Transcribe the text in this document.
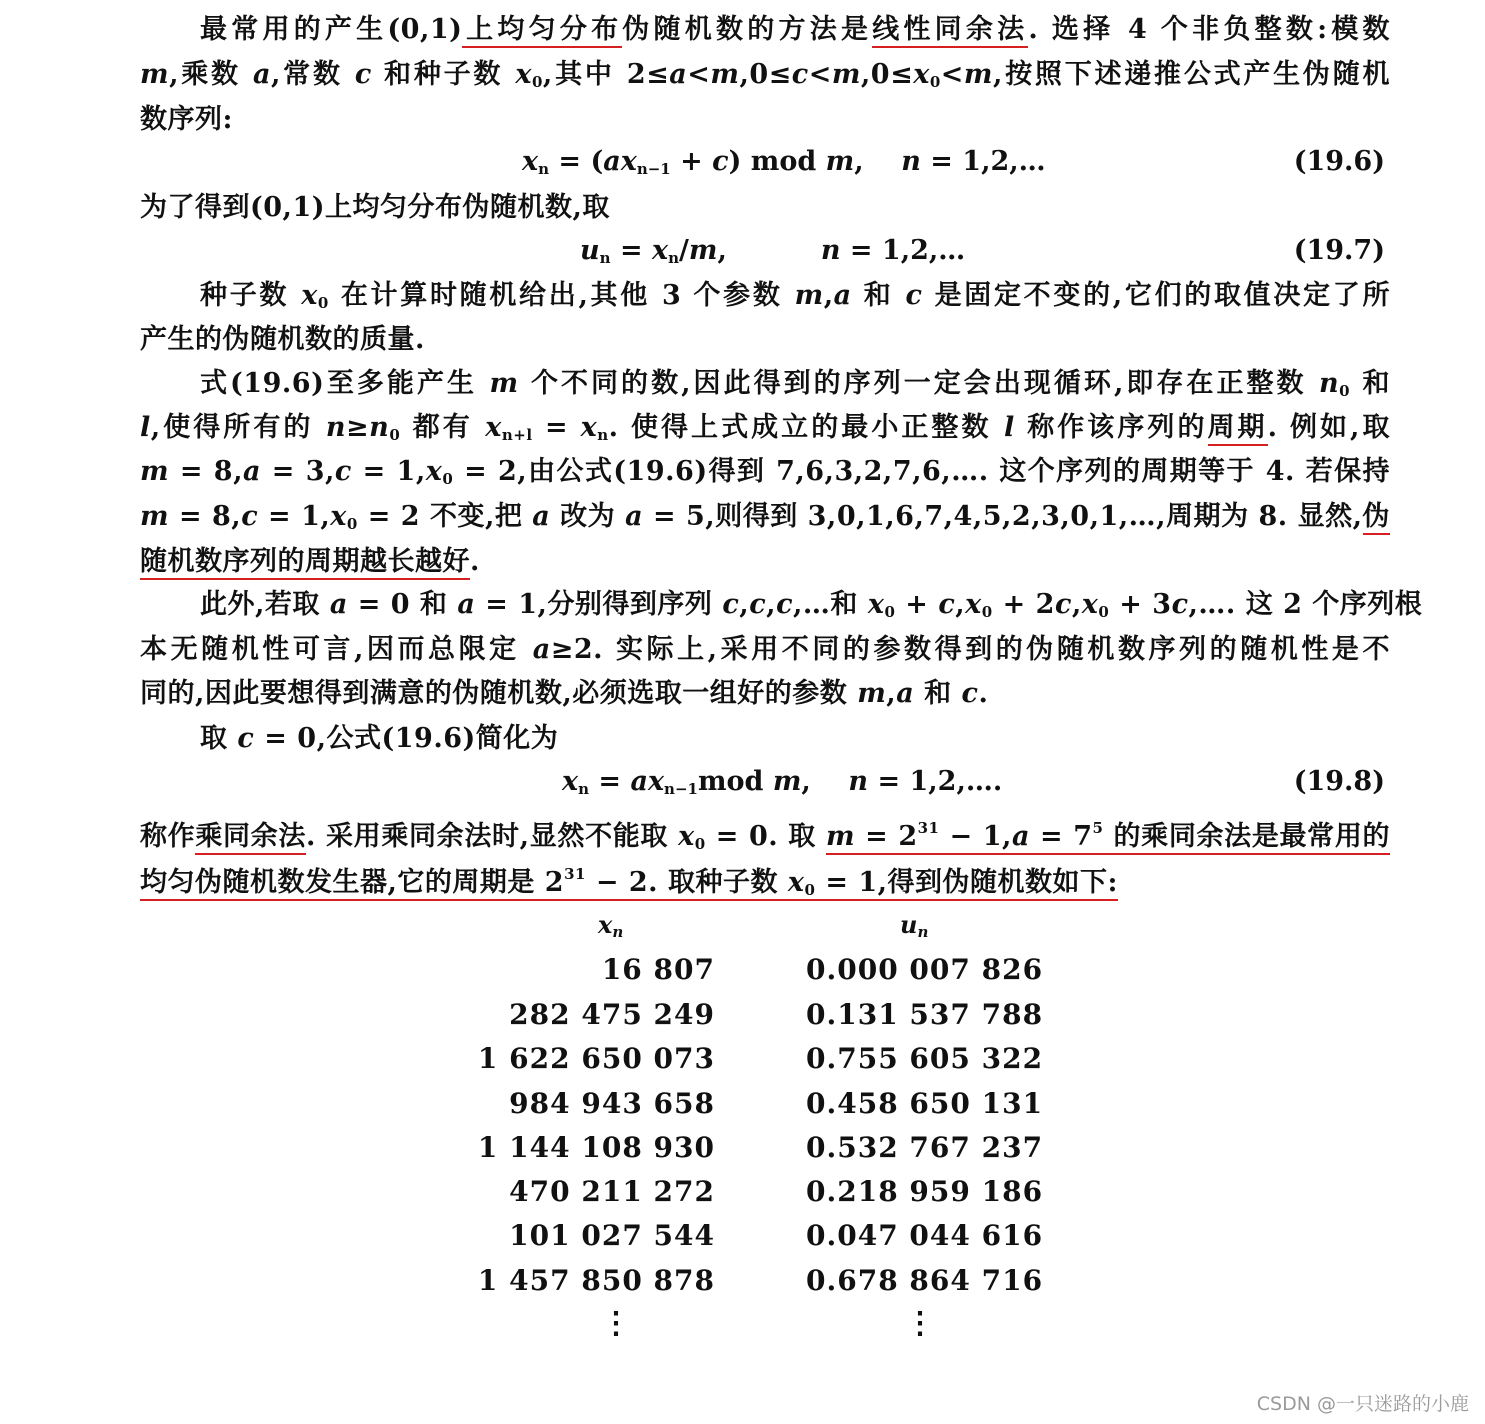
最常用的产生(0,1)上均匀分布伪随机数的方法是线性同余法. 选择 4 个非负整数:模数
m,乘数 a,常数 c 和种子数 $x_0$,其中 $2\le a<m,0\le c<m,0\le x_0<m$,按照下述递推公式产生伪随机
数序列:
$x_n = (ax_{n-1} + c)$ mod m,    n = 1,2,…	(19.6)
为了得到(0,1)上均匀分布伪随机数,取
$u_n = x_n/m$,          n = 1,2,…	(19.7)
种子数 $x_0$ 在计算时随机给出,其他 3 个参数 m,a 和 c 是固定不变的,它们的取值决定了所
产生的伪随机数的质量.
式(19.6)至多能产生 m 个不同的数,因此得到的序列一定会出现循环,即存在正整数 $n_0$ 和
l,使得所有的 $n\ge n_0$ 都有 $x_{n+l} = x_n$. 使得上式成立的最小正整数 l 称作该序列的周期. 例如,取
$m = 8,a = 3,c = 1,x_0 = 2$,由公式(19.6)得到 7,6,3,2,7,6,…. 这个序列的周期等于 4. 若保持
$m = 8,c = 1,x_0 = 2$ 不变,把 a 改为 a = 5,则得到 3,0,1,6,7,4,5,2,3,0,1,…,周期为 8. 显然,伪
随机数序列的周期越长越好.
此外,若取 a = 0 和 a = 1,分别得到序列 c,c,c,…和 $x_0 + c,x_0 + 2c,x_0$ + 3c,…. 这 2 个序列根
本无随机性可言,因而总限定 a≥2. 实际上,采用不同的参数得到的伪随机数序列的随机性是不
同的,因此要想得到满意的伪随机数,必须选取一组好的参数 m,a 和 c.
取 c = 0,公式(19.6)简化为
$x_n = ax_{n-1}mod$ m,    n = 1,2,….	(19.8)
称作乘同余法. 采用乘同余法时,显然不能取 $x_0 = 0$. 取 $m = 2^{31} - 1,a = 7^5$ 的乘同余法是最常用的
均匀伪随机数发生器,它的周期是 $2^{31} - 2$. 取种子数 $x_0 = 1$,得到伪随机数如下:
$x_n$	$u_n$
16 807	0.000 007 826
282 475 249	0.131 537 788
1 622 650 073	0.755 605 322
984 943 658	0.458 650 131
1 144 108 930	0.532 767 237
470 211 272	0.218 959 186
101 027 544	0.047 044 616
1 457 850 878	0.678 864 716
⋮	⋮
CSDN @一只迷路的小鹿
